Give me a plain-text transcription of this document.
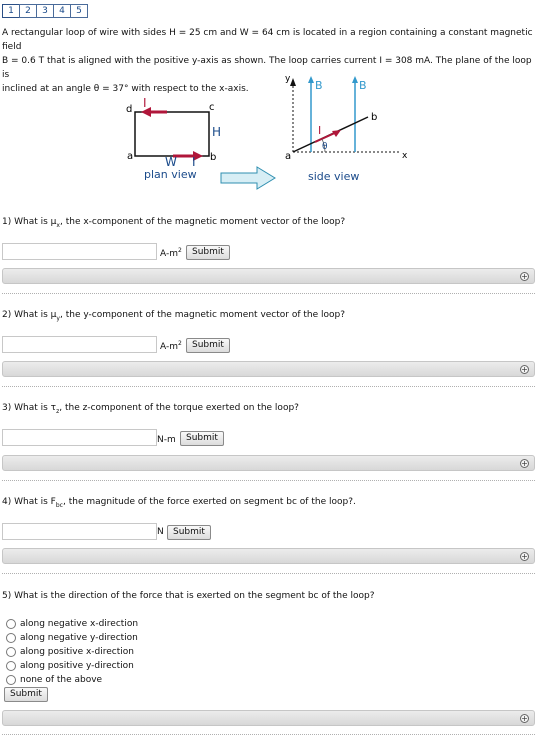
1	2	3	4	5
A rectangular loop of wire with sides H = 25 cm and W = 64 cm is located in a region containing a constant magnetic field
B = 0.6 T that is aligned with the positive y-axis as shown. The loop carries current I = 308 mA. The plane of the loop is
inclined at an angle θ = 37° with respect to the x-axis.
d	c
a	b
I
H
W I
plan view
y
x
B	B
I
θ
b
a
side view
1) What is $\mu_x$, the x-component of the magnetic moment vector of the loop?
$A-m^2$	Submit
+
2) What is $\mu_y$, the y-component of the magnetic moment vector of the loop?
$A-m^2$	Submit
+
3) What is $\tau_z$, the z-component of the torque exerted on the loop?
N-m	Submit
+
4) What is $F_{bc}$, the magnitude of the force exerted on segment bc of the loop?.
N	Submit
+
5) What is the direction of the force that is exerted on the segment bc of the loop?
along negative x-direction
along negative y-direction
along positive x-direction
along positive y-direction
none of the above
Submit
+
